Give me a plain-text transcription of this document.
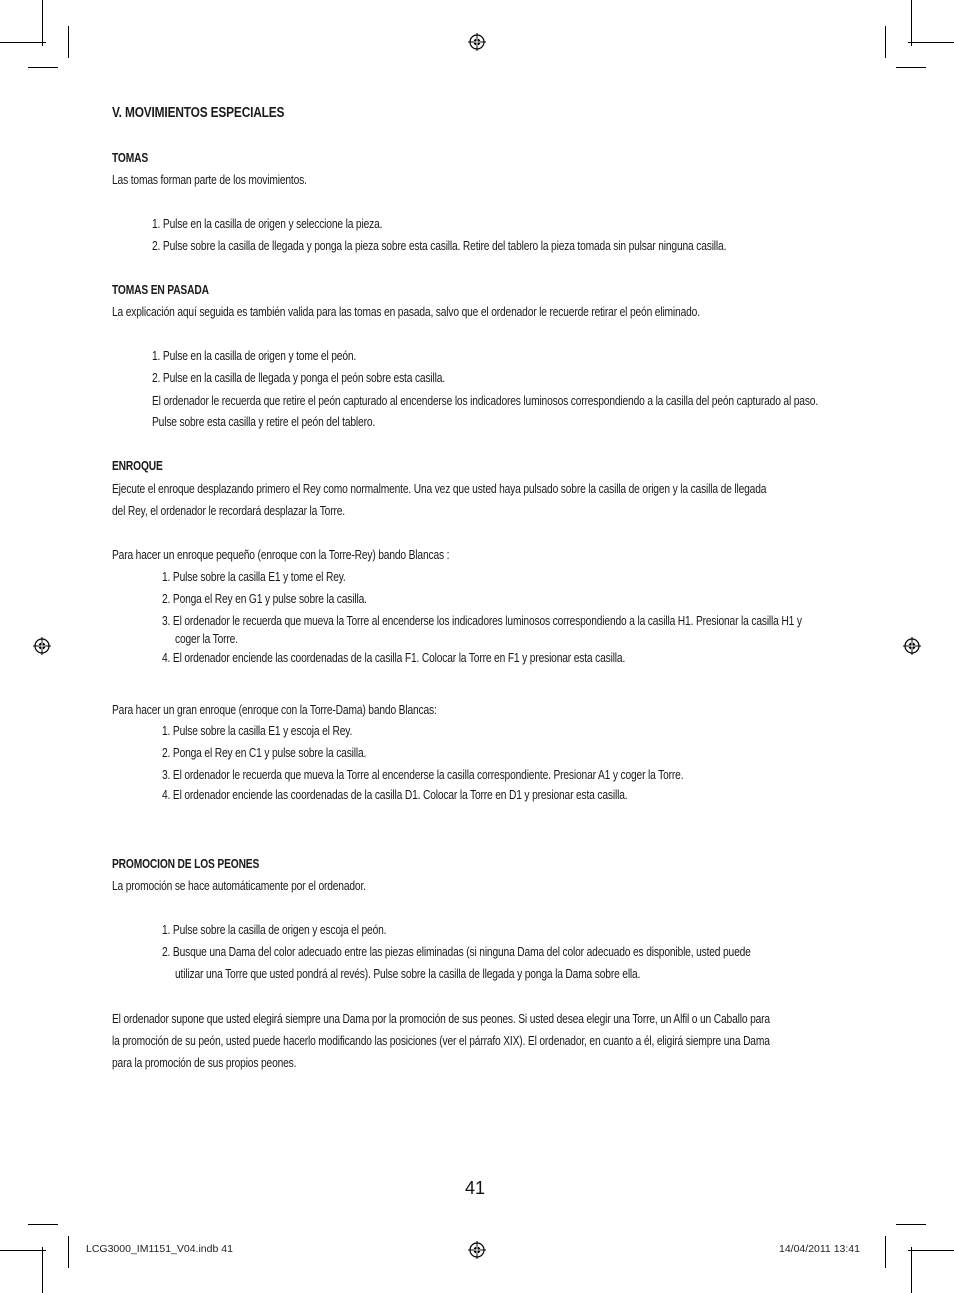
V. MOVIMIENTOS ESPECIALES
TOMAS
Las tomas forman parte de los movimientos.
1. Pulse en la casilla de origen y seleccione la pieza.
2. Pulse sobre la casilla de llegada y ponga la pieza sobre esta casilla. Retire del tablero la pieza tomada sin pulsar ninguna casilla.
TOMAS EN PASADA
La explicación aquí seguida es también valida para las tomas en pasada, salvo que el ordenador le recuerde retirar el peón eliminado.
1. Pulse en la casilla de origen y tome el peón.
2. Pulse en la casilla de llegada y ponga el peón sobre esta casilla.
El ordenador le recuerda que retire el peón capturado al encenderse los indicadores luminosos correspondiendo a la casilla del peón capturado al paso.
Pulse sobre esta casilla y retire el peón del tablero.
ENROQUE
Ejecute el enroque desplazando primero el Rey como normalmente. Una vez que usted haya pulsado sobre la casilla de origen y la casilla de llegada
del Rey, el ordenador le recordará desplazar la Torre.
Para hacer un enroque pequeño (enroque con la Torre-Rey) bando Blancas :
1. Pulse sobre la casilla E1 y tome el Rey.
2. Ponga el Rey en G1 y pulse sobre la casilla.
3. El ordenador le recuerda que mueva la Torre al encenderse los indicadores luminosos correspondiendo a la casilla H1. Presionar la casilla H1 y
coger la Torre.
4. El ordenador enciende las coordenadas de la casilla F1. Colocar la Torre en F1 y presionar esta casilla.
Para hacer un gran enroque (enroque con la Torre-Dama) bando Blancas:
1. Pulse sobre la casilla E1 y escoja el Rey.
2. Ponga el Rey en C1 y pulse sobre la casilla.
3. El ordenador le recuerda que mueva la Torre al encenderse la casilla correspondiente. Presionar A1 y coger la Torre.
4. El ordenador enciende las coordenadas de la casilla D1. Colocar la Torre en D1 y presionar esta casilla.
PROMOCION DE LOS PEONES
La promoción se hace automáticamente por el ordenador.
1. Pulse sobre la casilla de origen y escoja el peón.
2. Busque una Dama del color adecuado entre las piezas eliminadas (si ninguna Dama del color adecuado es disponible, usted puede
utilizar una Torre que usted pondrá al revés). Pulse sobre la casilla de llegada y ponga la Dama sobre ella.
El ordenador supone que usted elegirá siempre una Dama por la promoción de sus peones. Si usted desea elegir una Torre, un Alfil o un Caballo para
la promoción de su peón, usted puede hacerlo modificando las posiciones (ver el párrafo XIX). El ordenador, en cuanto a él, eligirá siempre una Dama
para la promoción de sus propios peones.
41
LCG3000_IM1151_V04.indb 41	14/04/2011 13:41
